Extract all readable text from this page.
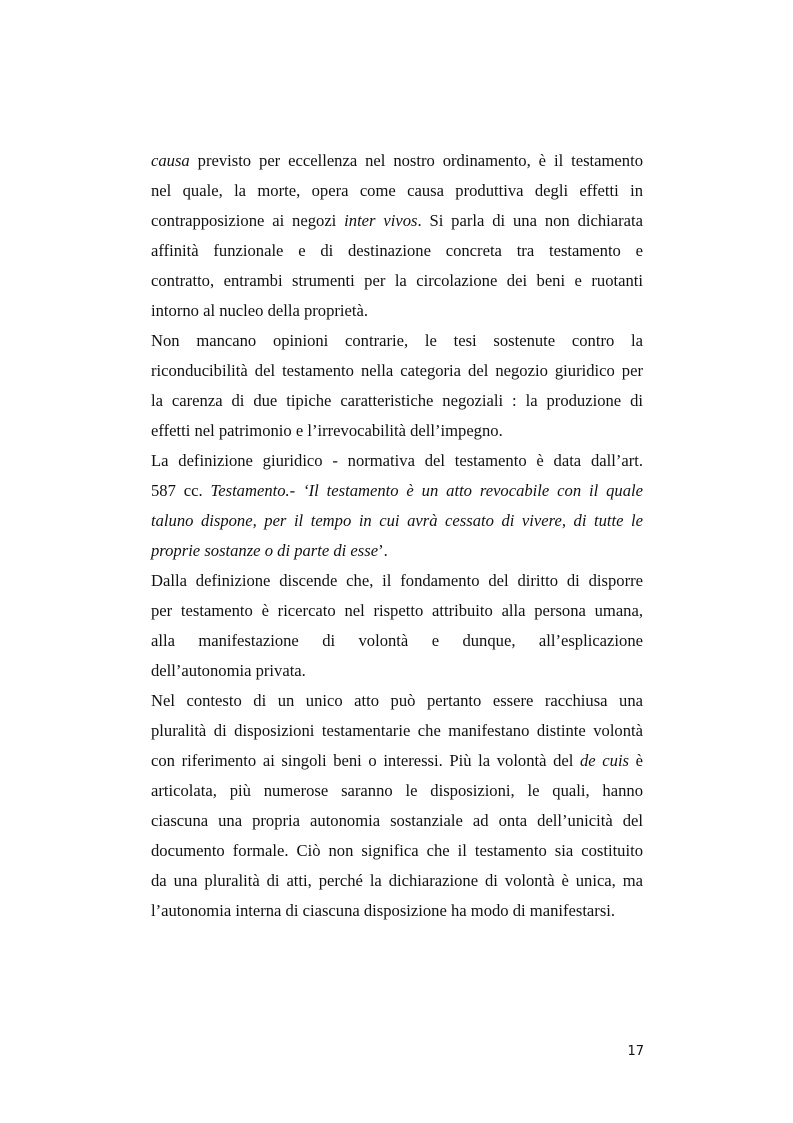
causa previsto per eccellenza nel nostro ordinamento, è il testamento
nel quale, la morte, opera come causa produttiva degli effetti in
contrapposizione ai negozi inter vivos. Si parla di una non dichiarata
affinità funzionale e di destinazione concreta tra testamento e
contratto, entrambi strumenti per la circolazione dei beni e ruotanti
intorno al nucleo della proprietà.
Non mancano opinioni contrarie, le tesi sostenute contro la
riconducibilità del testamento nella categoria del negozio giuridico per
la carenza di due tipiche caratteristiche negoziali : la produzione di
effetti nel patrimonio e l’irrevocabilità dell’impegno.
La definizione giuridico - normativa del testamento è data dall’art.
587 cc. Testamento.- ‘Il testamento è un atto revocabile con il quale
taluno dispone, per il tempo in cui avrà cessato di vivere, di tutte le
proprie sostanze o di parte di esse’.
Dalla definizione discende che, il fondamento del diritto di disporre
per testamento è ricercato nel rispetto attribuito alla persona umana,
alla manifestazione di volontà e dunque, all’esplicazione
dell’autonomia privata.
Nel contesto di un unico atto può pertanto essere racchiusa una
pluralità di disposizioni testamentarie che manifestano distinte volontà
con riferimento ai singoli beni o interessi. Più la volontà del de cuis è
articolata, più numerose saranno le disposizioni, le quali, hanno
ciascuna una propria autonomia sostanziale ad onta dell’unicità del
documento formale. Ciò non significa che il testamento sia costituito
da una pluralità di atti, perché la dichiarazione di volontà è unica, ma
l’autonomia interna di ciascuna disposizione ha modo di manifestarsi.
17
